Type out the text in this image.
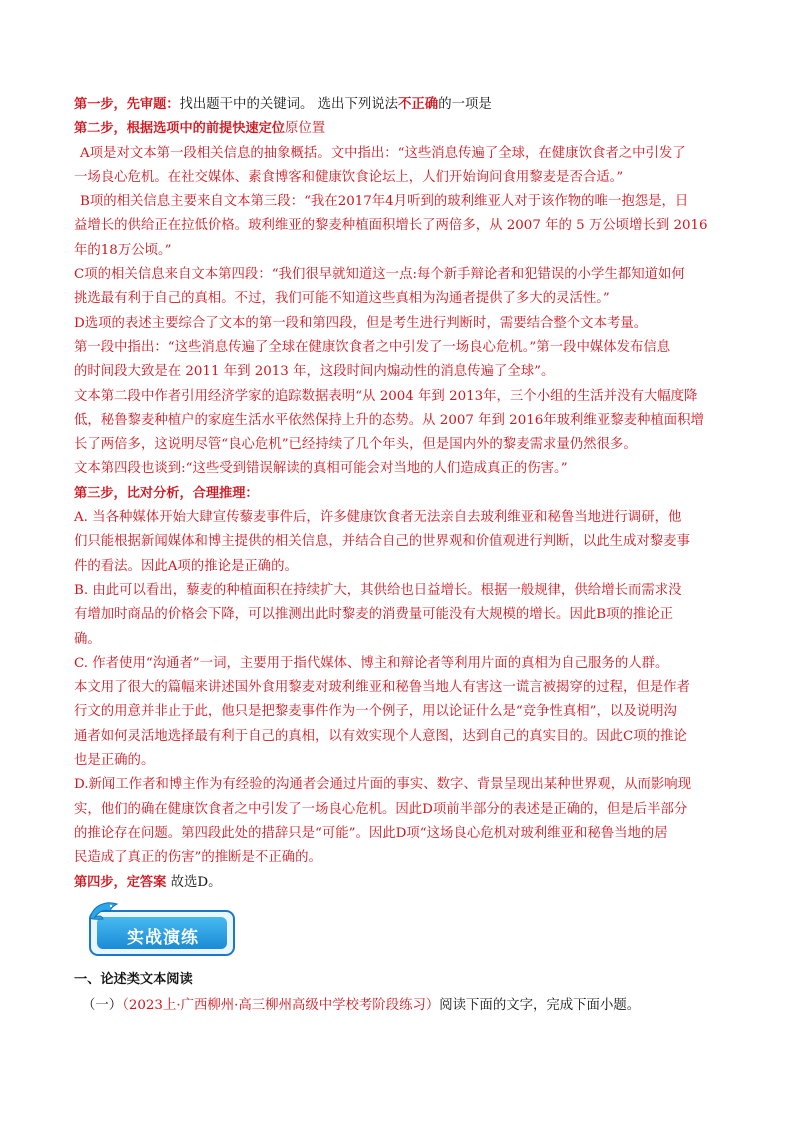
第一步，先审题：找出题干中的关键词。 选出下列说法不正确的一项是

第二步，根据选项中的前提快速定位原位置

A项是对文本第一段相关信息的抽象概括。文中指出：“这些消息传遍了全球，在健康饮食者之中引发了

一场良心危机。在社交媒体、素食博客和健康饮食论坛上，人们开始询问食用黎麦是否合适。”

B项的相关信息主要来自文本第三段：“我在2017年4月听到的玻利维亚人对于该作物的唯一抱怨是，日

益增长的供给正在拉低价格。玻利维亚的黎麦种植面积增长了两倍多，从 2007 年的 5 万公顷增长到 2016

年的18万公顷。”

C项的相关信息来自文本第四段：“我们很早就知道这一点:每个新手辩论者和犯错误的小学生都知道如何

挑选最有利于自己的真相。不过，我们可能不知道这些真相为沟通者提供了多大的灵活性。”

D选项的表述主要综合了文本的第一段和第四段，但是考生进行判断时，需要结合整个文本考量。

第一段中指出：“这些消息传遍了全球在健康饮食者之中引发了一场良心危机。”第一段中媒体发布信息

的时间段大致是在 2011 年到 2013 年，这段时间内煽动性的消息传遍了全球”。

文本第二段中作者引用经济学家的追踪数据表明“从 2004 年到 2013年，三个小组的生活并没有大幅度降

低，秘鲁黎麦种植户的家庭生活水平依然保持上升的态势。从 2007 年到 2016年玻利维亚黎麦种植面积增

长了两倍多，这说明尽管“良心危机”已经持续了几个年头，但是国内外的黎麦需求量仍然很多。

文本第四段也谈到:“这些受到错误解读的真相可能会对当地的人们造成真正的伤害。”

第三步，比对分析，合理推理：

A. 当各种媒体开始大肆宣传藜麦事件后，许多健康饮食者无法亲自去玻利维亚和秘鲁当地进行调研，他

们只能根据新闻媒体和博主提供的相关信息，并结合自己的世界观和价值观进行判断，以此生成对黎麦事

件的看法。因此A项的推论是正确的。

B. 由此可以看出，藜麦的种植面积在持续扩大，其供给也日益增长。根据一般规律，供给增长而需求没

有增加时商品的价格会下降，可以推测出此时黎麦的消费量可能没有大规模的增长。因此B项的推论正

确。

C. 作者使用“沟通者”一词，主要用于指代媒体、博主和辩论者等利用片面的真相为自己服务的人群。

本文用了很大的篇幅来讲述国外食用黎麦对玻利维亚和秘鲁当地人有害这一谎言被揭穿的过程，但是作者

行文的用意并非止于此，他只是把黎麦事件作为一个例子，用以论证什么是“竞争性真相”，以及说明沟

通者如何灵活地选择最有利于自己的真相，以有效实现个人意图，达到自己的真实目的。因此C项的推论

也是正确的。

D.新闻工作者和博主作为有经验的沟通者会通过片面的事实、数字、背景呈现出某种世界观，从而影响现

实，他们的确在健康饮食者之中引发了一场良心危机。因此D项前半部分的表述是正确的，但是后半部分

的推论存在问题。第四段此处的措辞只是“可能”。因此D项“这场良心危机对玻利维亚和秘鲁当地的居

民造成了真正的伤害”的推断是不正确的。

第四步，定答案 故选D。

实战演练
一、论述类文本阅读
（一）（2023上·广西柳州·高三柳州高级中学校考阶段练习）阅读下面的文字，完成下面小题。
